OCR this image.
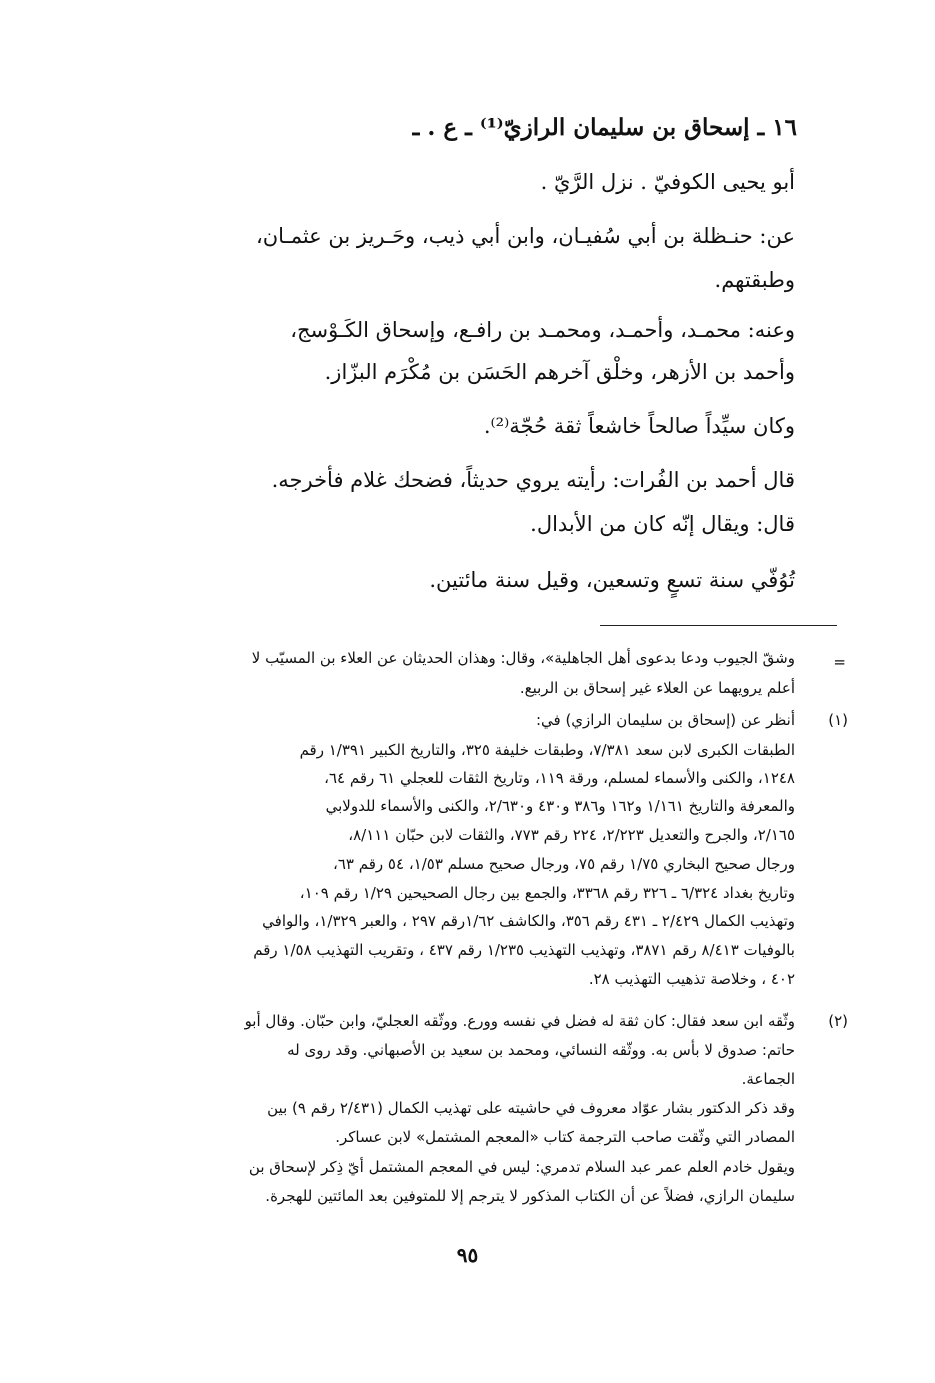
١٦ ـ إسحاق بن سليمان الرازيّ⁽¹⁾ ـ ع . ـ
أبو يحيى الكوفيّ . نزل الرَّيّ .
عن: حنـظلة بن أبي سُفيـان، وابن أبي ذيب، وحَـريز بن عثمـان،
وطبقتهم.
وعنه: محمـد، وأحمـد، ومحمـد بن رافـع، وإسحاق الكَـوْسج،
وأحمد بن الأزهر، وخلْق آخرهم الحَسَن بن مُكْرَم البزّاز.
وكان سيِّداً صالحاً خاشعاً ثقة حُجّة⁽²⁾.
قال أحمد بن الفُرات: رأيته يروي حديثاً، فضحك غلام فأخرجه.
قال: ويقال إنّه كان من الأبدال.
تُوُفّي سنة تسعٍ وتسعين، وقيل سنة مائتين.
=
وشقّ الجيوب ودعا بدعوى أهل الجاهلية»، وقال: وهذان الحديثان عن العلاء بن المسيّب لا
أعلم يرويهما عن العلاء غير إسحاق بن الربيع.
(١)
أنظر عن (إسحاق بن سليمان الرازي) في:
الطبقات الكبرى لابن سعد ٧/٣٨١، وطبقات خليفة ٣٢٥، والتاريخ الكبير ١/٣٩١ رقم
١٢٤٨، والكنى والأسماء لمسلم، ورقة ١١٩، وتاريخ الثقات للعجلي ٦١ رقم ٦٤،
والمعرفة والتاريخ ١/١٦١ و١٦٢ و٣٨٦ و٤٣٠ و٢/٦٣٠، والكنى والأسماء للدولابي
٢/١٦٥، والجرح والتعديل ٢/٢٢٣، ٢٢٤ رقم ٧٧٣، والثقات لابن حبّان ٨/١١١،
ورجال صحيح البخاري ١/٧٥ رقم ٧٥، ورجال صحيح مسلم ١/٥٣، ٥٤ رقم ٦٣،
وتاريخ بغداد ٦/٣٢٤ ـ ٣٢٦ رقم ٣٣٦٨، والجمع بين رجال الصحيحين ١/٢٩ رقم ١٠٩،
وتهذيب الكمال ٢/٤٢٩ ـ ٤٣١ رقم ٣٥٦، والكاشف ١/٦٢رقم ٢٩٧ ، والعبر ١/٣٢٩، والوافي
بالوفيات ٨/٤١٣ رقم ٣٨٧١، وتهذيب التهذيب ١/٢٣٥ رقم ٤٣٧ ، وتقريب التهذيب ١/٥٨ رقم
٤٠٢ ، وخلاصة تذهيب التهذيب ٢٨.
(٢)
وثّقه ابن سعد فقال: كان ثقة له فضل في نفسه وورع. ووثّقه العجليّ، وابن حبّان. وقال أبو
حاتم: صدوق لا بأس به. ووثّقه النسائي، ومحمد بن سعيد بن الأصبهاني. وقد روى له
الجماعة.
وقد ذكر الدكتور بشار عوّاد معروف في حاشيته على تهذيب الكمال (٢/٤٣١ رقم ٩) بين
المصادر التي وثّقت صاحب الترجمة كتاب «المعجم المشتمل» لابن عساكر.
ويقول خادم العلم عمر عبد السلام تدمري: ليس في المعجم المشتمل أيّ ذِكر لإسحاق بن
سليمان الرازي، فضلاً عن أن الكتاب المذكور لا يترجم إلا للمتوفين بعد المائتين للهجرة.
٩٥
